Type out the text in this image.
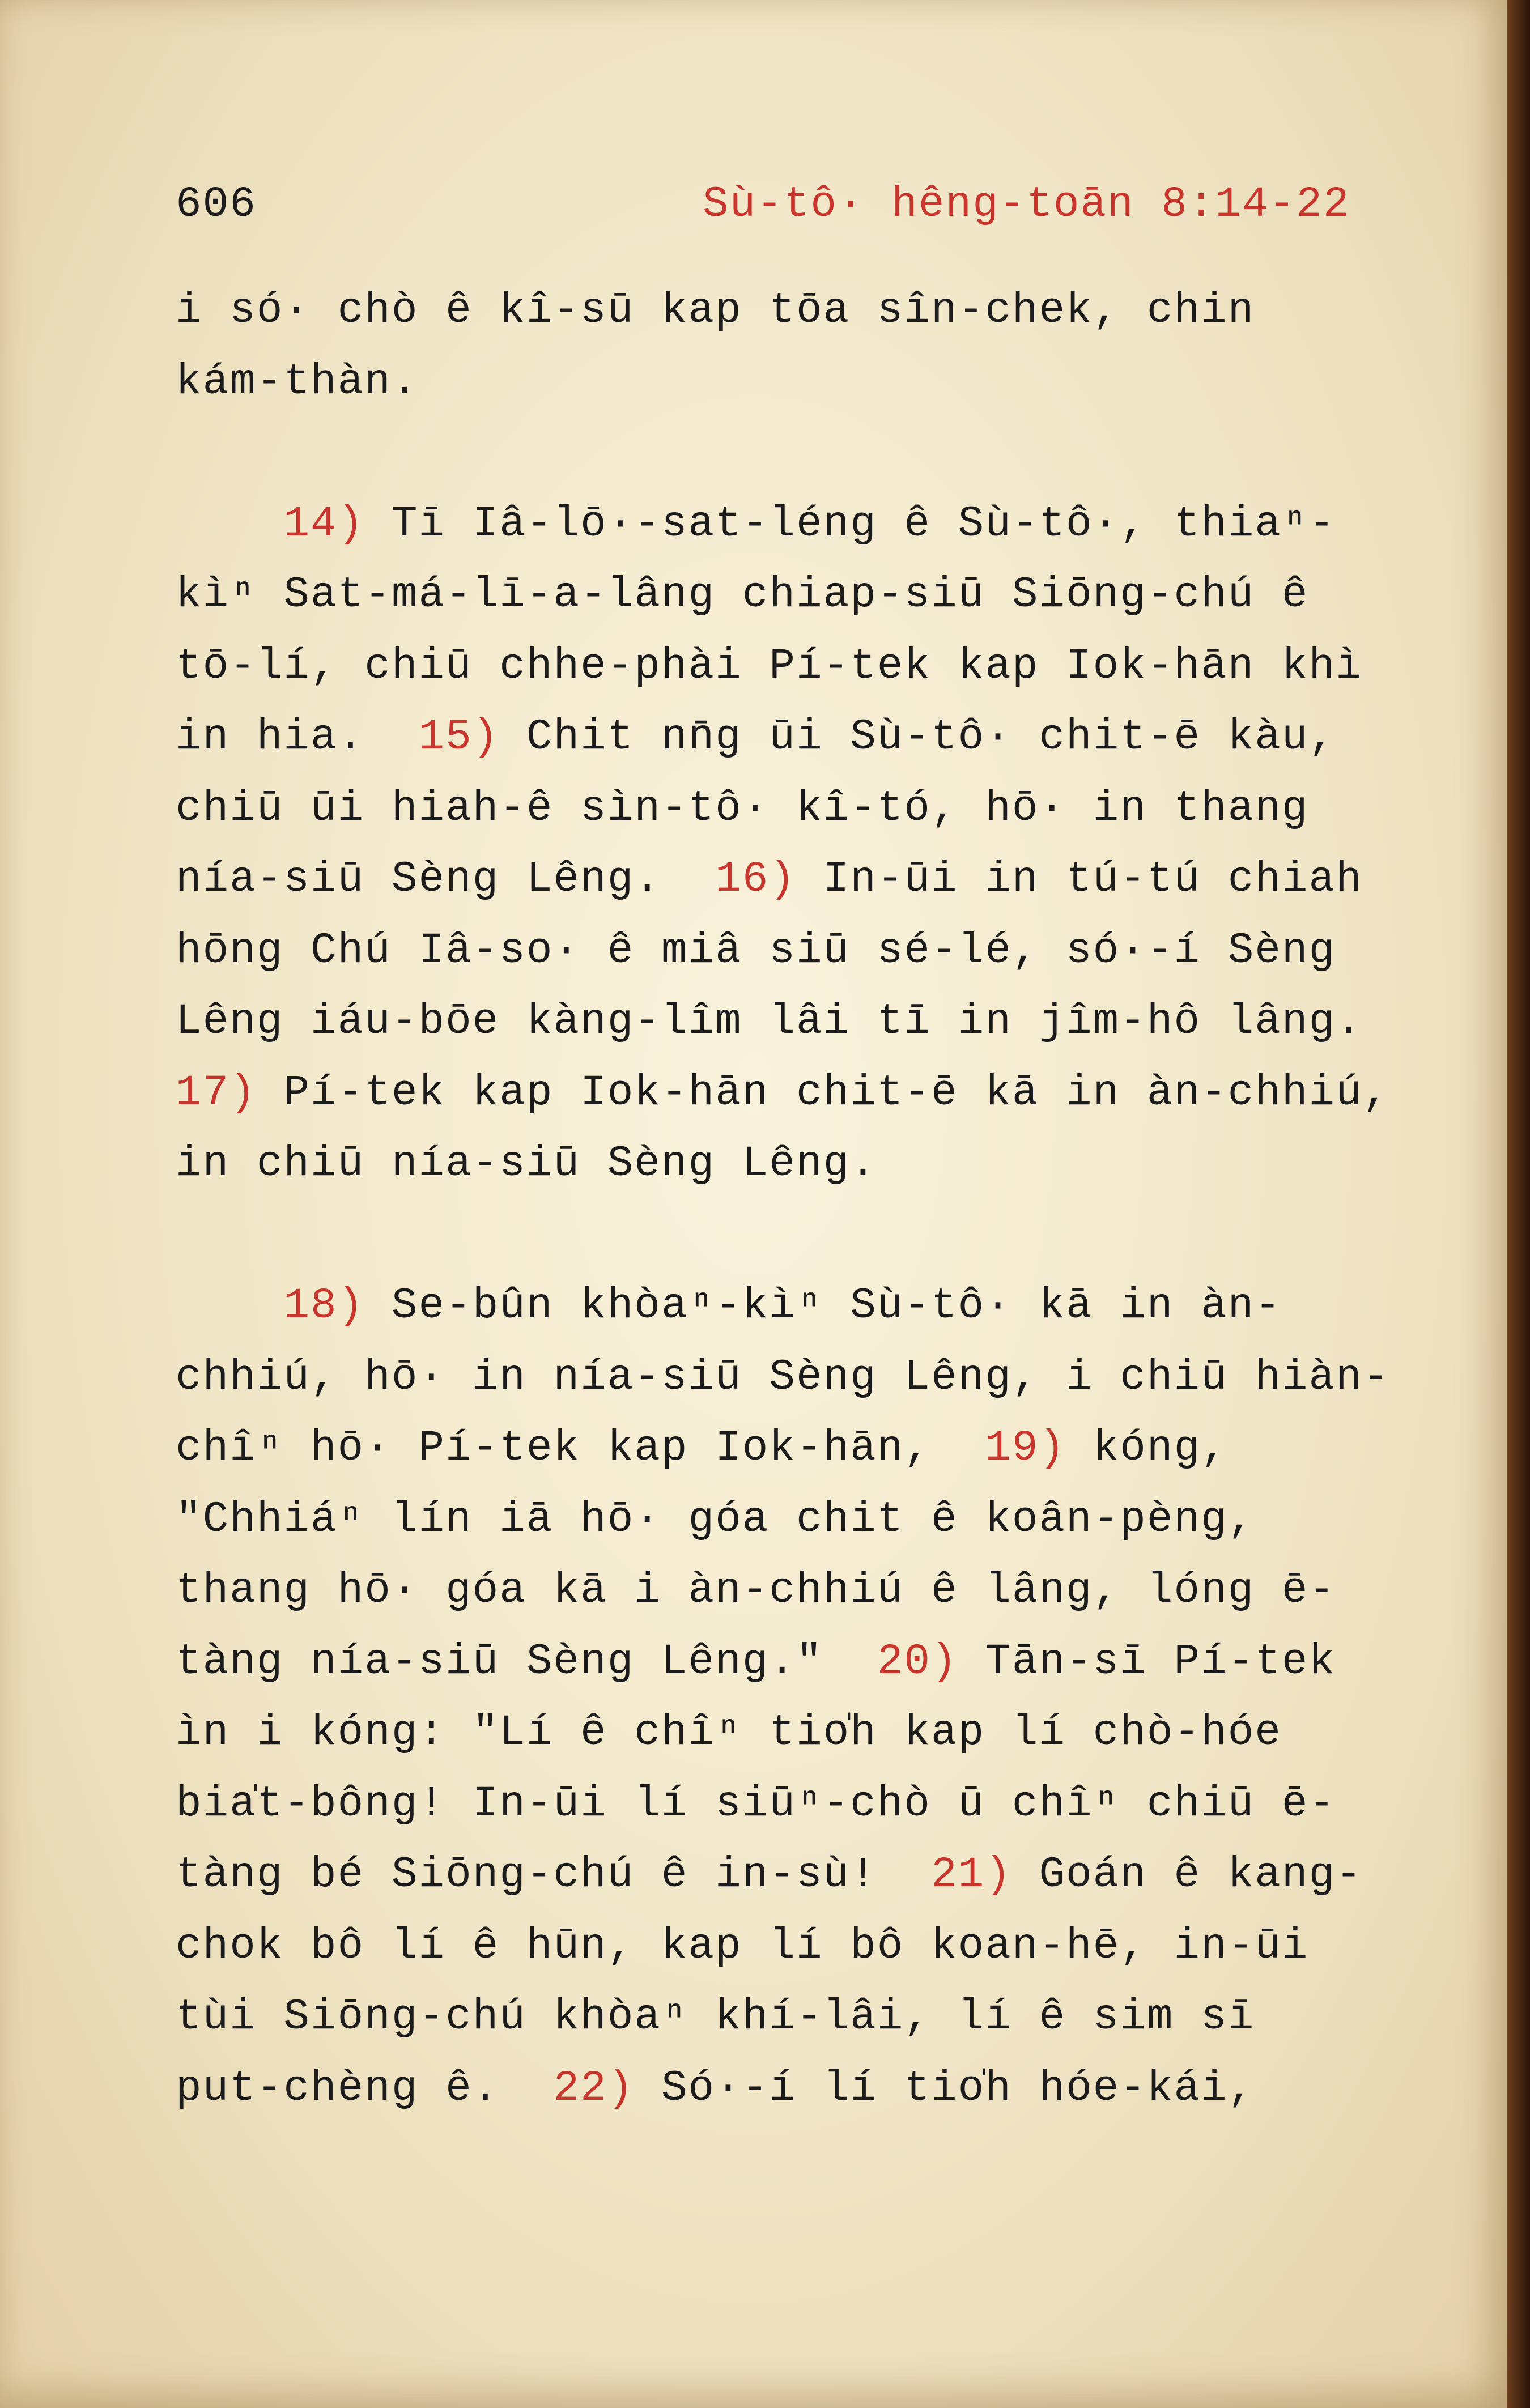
606	Sù-tô· hêng-toān 8:14-22
i só· chò ê kî-sū kap tōa sîn-chek, chin
kám-thàn.
14) Tī Iâ-lō·-sat-léng ê Sù-tô·, thiaⁿ-
kìⁿ Sat-má-lī-a-lâng chiap-siū Siōng-chú ê
tō-lí, chiū chhe-phài Pí-tek kap Iok-hān khì
in hia.  15) Chit nn̄g ūi Sù-tô· chit-ē kàu,
chiū ūi hiah-ê sìn-tô· kî-tó, hō· in thang
nía-siū Sèng Lêng.  16) In-ūi in tú-tú chiah
hōng Chú Iâ-so· ê miâ siū sé-lé, só·-í Sèng
Lêng iáu-bōe kàng-lîm lâi tī in jîm-hô lâng.
17) Pí-tek kap Iok-hān chit-ē kā in àn-chhiú,
in chiū nía-siū Sèng Lêng.
18) Se-bûn khòaⁿ-kìⁿ Sù-tô· kā in àn-
chhiú, hō· in nía-siū Sèng Lêng, i chiū hiàn-
chîⁿ hō· Pí-tek kap Iok-hān,  19) kóng,
"Chhiáⁿ lín iā hō· góa chit ê koân-pèng,
thang hō· góa kā i àn-chhiú ê lâng, lóng ē-
tàng nía-siū Sèng Lêng."  20) Tān-sī Pí-tek
ìn i kóng: "Lí ê chîⁿ tio̍h kap lí chò-hóe
bia̍t-bông! In-ūi lí siūⁿ-chò ū chîⁿ chiū ē-
tàng bé Siōng-chú ê in-sù!  21) Goán ê kang-
chok bô lí ê hūn, kap lí bô koan-hē, in-ūi
tùi Siōng-chú khòaⁿ khí-lâi, lí ê sim sī
put-chèng ê.  22) Só·-í lí tio̍h hóe-kái,
